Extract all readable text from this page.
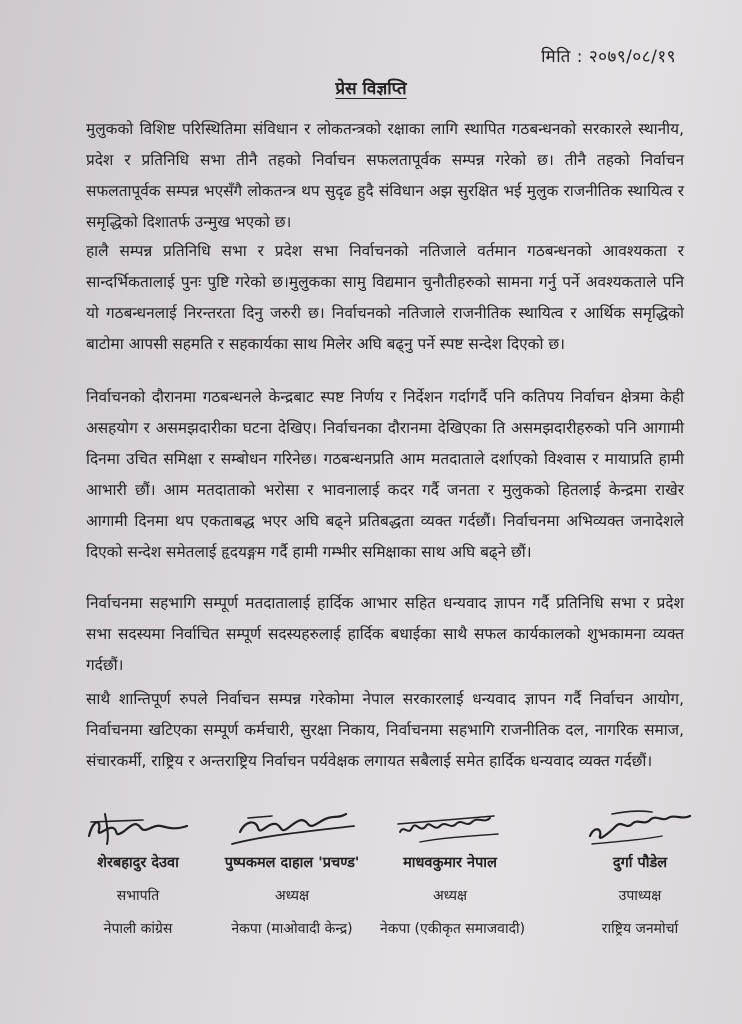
मिति : २०७९/०८/१९
प्रेस विज्ञप्ति
मुलुकको विशिष्ट परिस्थितिमा संविधान र लोकतन्त्रको रक्षाका लागि स्थापित गठबन्धनको सरकारले स्थानीय, प्रदेश र प्रतिनिधि सभा तीनै तहको निर्वाचन सफलतापूर्वक सम्पन्न गरेको छ। तीनै तहको निर्वाचन सफलतापूर्वक सम्पन्न भएसँगै लोकतन्त्र थप सुदृढ हुदै संविधान अझ सुरक्षित भई मुलुक राजनीतिक स्थायित्व र समृद्धिको दिशातर्फ उन्मुख भएको छ।
हालै सम्पन्न प्रतिनिधि सभा र प्रदेश सभा निर्वाचनको नतिजाले वर्तमान गठबन्धनको आवश्यकता र सान्दर्भिकतालाई पुनः पुष्टि गरेको छ।मुलुकका सामु विद्यमान चुनौतीहरुको सामना गर्नु पर्ने अवश्यकताले पनि यो गठबन्धनलाई निरन्तरता दिनु जरुरी छ। निर्वाचनको नतिजाले राजनीतिक स्थायित्व र आर्थिक समृद्धिको बाटोमा आपसी सहमति र सहकार्यका साथ मिलेर अघि बढ्नु पर्ने स्पष्ट सन्देश दिएको छ।
निर्वाचनको दौरानमा गठबन्धनले केन्द्रबाट स्पष्ट निर्णय र निर्देशन गर्दागर्दै पनि कतिपय निर्वाचन क्षेत्रमा केही असहयोग र असमझदारीका घटना देखिए। निर्वाचनका दौरानमा देखिएका ति असमझदारीहरुको पनि आगामी दिनमा उचित समिक्षा र सम्बोधन गरिनेछ। गठबन्धनप्रति आम मतदाताले दर्शाएको विश्वास र मायाप्रति हामी आभारी छौं। आम मतदाताको भरोसा र भावनालाई कदर गर्दै जनता र मुलुकको हितलाई केन्द्रमा राखेर आगामी दिनमा थप एकताबद्ध भएर अघि बढ्ने प्रतिबद्धता व्यक्त गर्दछौं। निर्वाचनमा अभिव्यक्त जनादेशले दिएको सन्देश समेतलाई हृदयङ्गम गर्दै हामी गम्भीर समिक्षाका साथ अघि बढ्ने छौं।
निर्वाचनमा सहभागि सम्पूर्ण मतदातालाई हार्दिक आभार सहित धन्यवाद ज्ञापन गर्दै प्रतिनिधि सभा र प्रदेश सभा सदस्यमा निर्वाचित सम्पूर्ण सदस्यहरुलाई हार्दिक बधाईका साथै सफल कार्यकालको शुभकामना व्यक्त गर्दछौं।
साथै शान्तिपूर्ण रुपले निर्वाचन सम्पन्न गरेकोमा नेपाल सरकारलाई धन्यवाद ज्ञापन गर्दै निर्वाचन आयोग, निर्वाचनमा खटिएका सम्पूर्ण कर्मचारी, सुरक्षा निकाय, निर्वाचनमा सहभागि राजनीतिक दल, नागरिक समाज, संचारकर्मी, राष्ट्रिय र अन्तराष्ट्रिय निर्वाचन पर्यवेक्षक लगायत सबैलाई समेत हार्दिक धन्यवाद व्यक्त गर्दछौं।
शेरबहादुर देउवा
सभापति
नेपाली कांग्रेस
पुष्पकमल दाहाल 'प्रचण्ड'
अध्यक्ष
नेकपा (माओवादी केन्द्र)
माधवकुमार नेपाल
अध्यक्ष
नेकपा (एकीकृत समाजवादी)
दुर्गा पौडेल
उपाध्यक्ष
राष्ट्रिय जनमोर्चा
